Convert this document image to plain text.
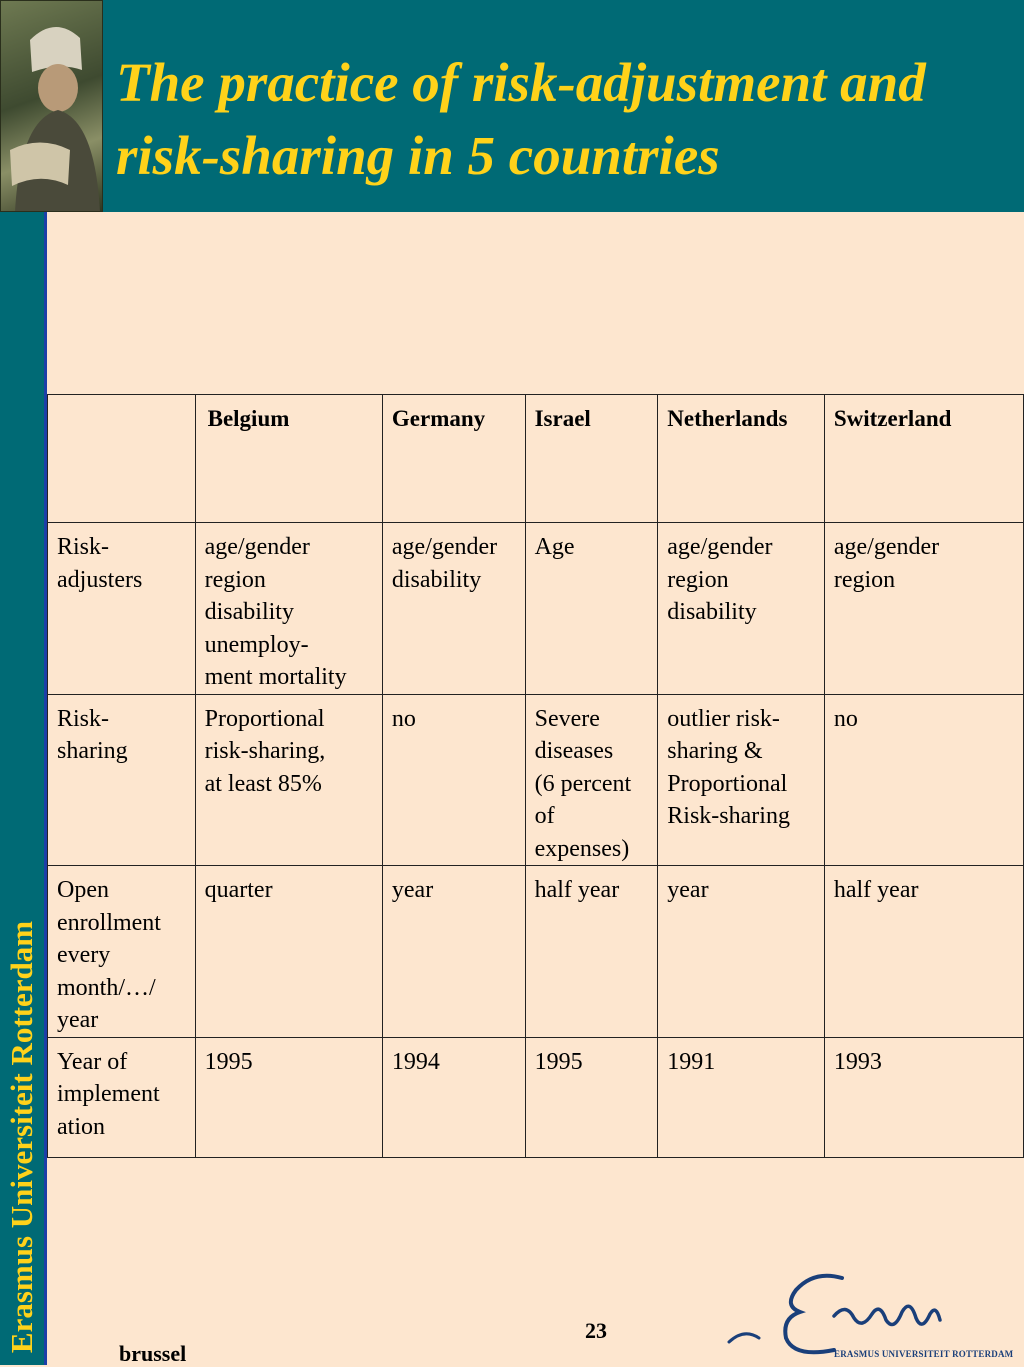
The practice of risk-adjustment and
risk-sharing in 5 countries
Erasmus Universiteit Rotterdam
	Belgium	Germany	Israel	Netherlands	Switzerland

Risk-
adjusters	age/gender
region
disability
unemploy-
ment mortality	age/gender
disability	Age	age/gender
region
disability	age/gender
region

Risk-
sharing	Proportional
risk-sharing,
at least 85%	no	Severe
diseases
(6 percent
of
expenses)	outlier risk-
sharing &
Proportional
Risk-sharing	no

Open
enrollment
every
month/…/
year	quarter	year	half year	year	half year

Year of
implement
ation	1995	1994	1995	1991	1993
23
brussel	ERASMUS UNIVERSITEIT ROTTERDAM
